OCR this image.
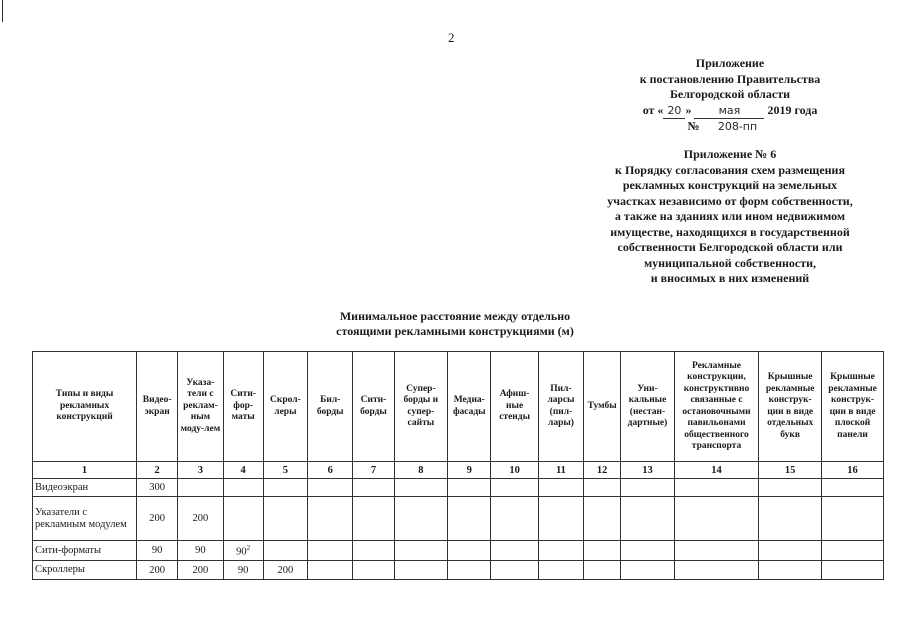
2
Приложение
к постановлению Правительства
Белгородской области
от « 20 » мая 2019 года
№ 208-пп
Приложение № 6
к Порядку согласования схем размещения
рекламных конструкций на земельных
участках независимо от форм собственности,
а также на зданиях или ином недвижимом
имуществе, находящихся в государственной
собственности Белгородской области или
муниципальной собственности,
и вносимых в них изменений
Минимальное расстояние между отдельно
стоящими рекламными конструкциями (м)
Типы и виды рекламных конструкций	Видео-экран	Указа-тели с реклам-ным моду-лем	Сити-фор-маты	Скрол-леры	Бил-борды	Сити-борды	Супер-борды и супер-сайты	Медиа-фасады	Афиш-ные стенды	Пил-ларсы (пил-лары)	Тумбы	Уни-кальные (нестан-дартные)	Рекламные конструкции, конструктивно связанные с остановочными павильонами общественного транспорта	Крышные рекламные конструк-ции в виде отдельных букв	Крышные рекламные конструк-ции в виде плоской панели
1	2	3	4	5	6	7	8	9	10	11	12	13	14	15	16
Видеоэкран	300														
Указатели с рекламным модулем	200	200													
Сити-форматы	90	90	$90^2$												
Скроллеры	200	200	90	200											
